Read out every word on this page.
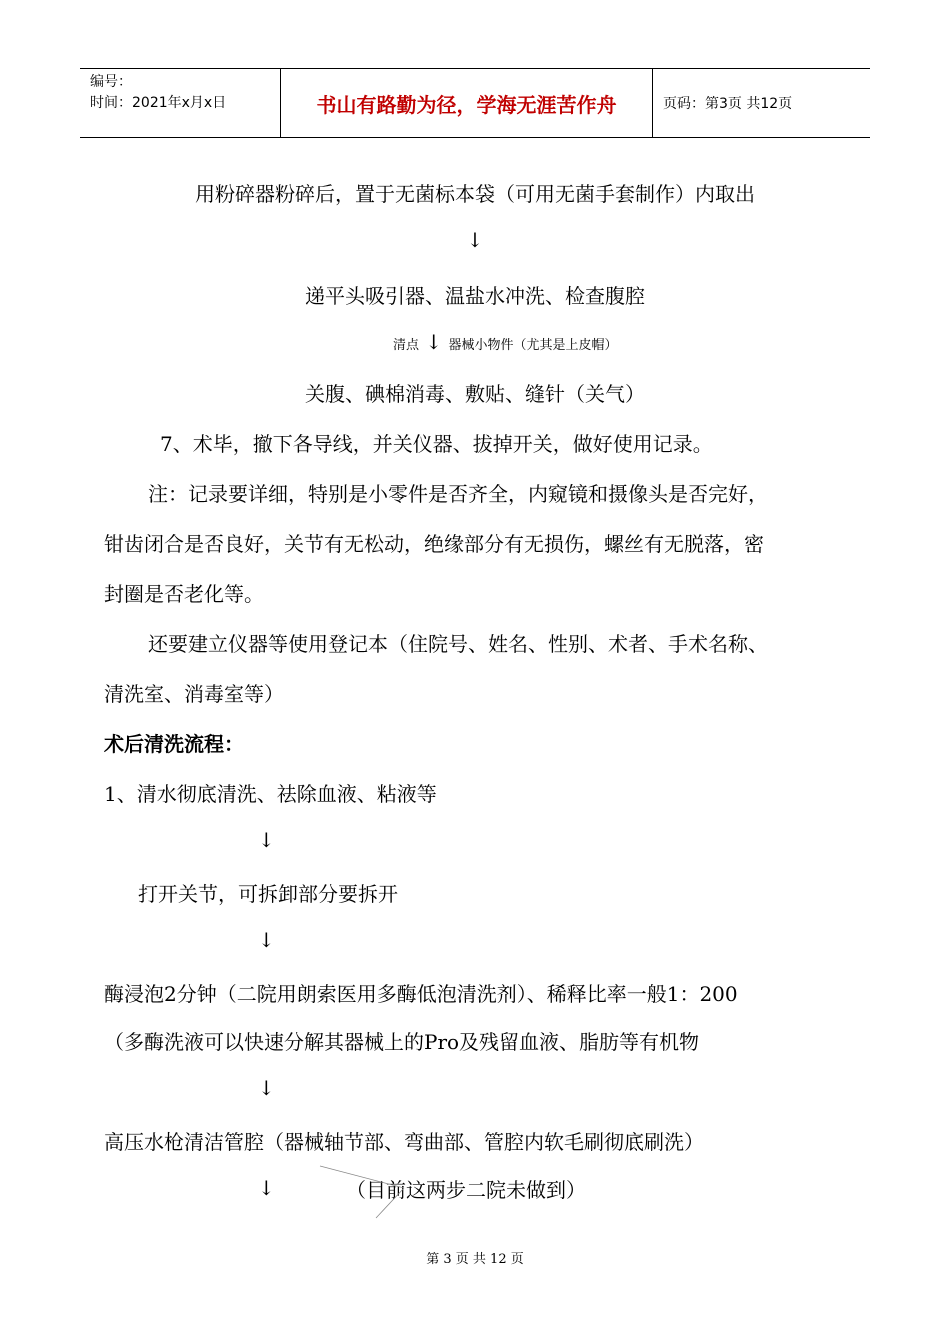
编号：
时间：2021年x月x日	书山有路勤为径，学海无涯苦作舟	页码：第3页 共12页
用粉碎器粉碎后，置于无菌标本袋（可用无菌手套制作）内取出
↓
递平头吸引器、温盐水冲洗、检查腹腔
清点 ↓ 器械小物件（尤其是上皮帽）
关腹、碘棉消毒、敷贴、缝针（关气）
7、术毕，撤下各导线，并关仪器、拔掉开关，做好使用记录。
注：记录要详细，特别是小零件是否齐全，内窥镜和摄像头是否完好，
钳齿闭合是否良好，关节有无松动，绝缘部分有无损伤，螺丝有无脱落，密
封圈是否老化等。
还要建立仪器等使用登记本（住院号、姓名、性别、术者、手术名称、
清洗室、消毒室等）
术后清洗流程：
1、清水彻底清洗、祛除血液、粘液等
↓
打开关节，可拆卸部分要拆开
↓
酶浸泡2分钟（二院用朗索医用多酶低泡清洗剂）、稀释比率一般1：200
（多酶洗液可以快速分解其器械上的Pro及残留血液、脂肪等有机物
↓
高压水枪清洁管腔（器械轴节部、弯曲部、管腔内软毛刷彻底刷洗）
↓	（目前这两步二院未做到）
第 3 页 共 12 页
